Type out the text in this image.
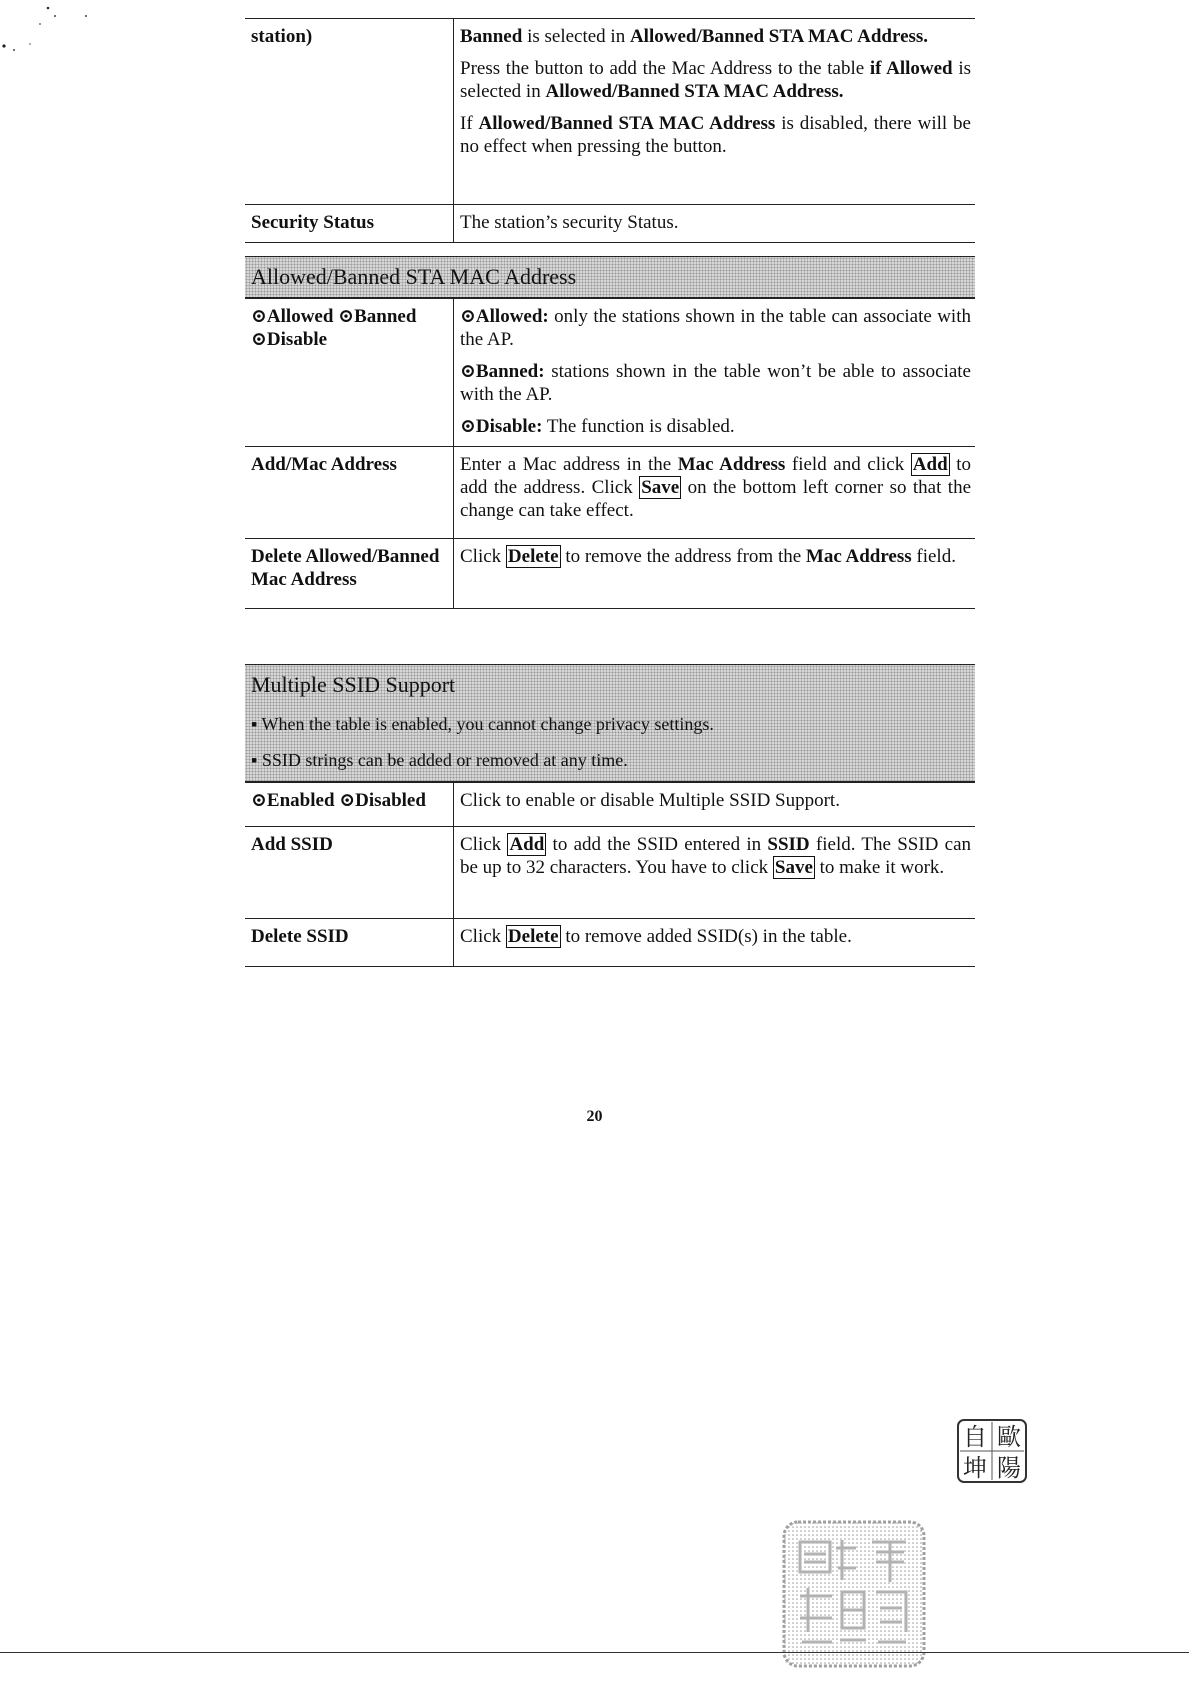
station)	Banned is selected in Allowed/Banned STA MAC Address.
Press the button to add the Mac Address to the table if Allowed is selected in Allowed/Banned STA MAC Address.
If Allowed/Banned STA MAC Address is disabled, there will be no effect when pressing the button.

Security Status	The station’s security Status.
Allowed/Banned STA MAC Address
⊙Allowed ⊙Banned ⊙Disable	⊙Allowed: only the stations shown in the table can associate with the AP.
⊙Banned: stations shown in the table won’t be able to associate with the AP.
⊙Disable: The function is disabled.

Add/Mac Address	Enter a Mac address in the Mac Address field and click Add to add the address. Click Save on the bottom left corner so that the change can take effect.

Delete Allowed/Banned Mac Address	Click Delete to remove the address from the Mac Address field.
Multiple SSID Support
▪ When the table is enabled, you cannot change privacy settings.
▪ SSID strings can be added or removed at any time.
⊙Enabled ⊙Disabled	Click to enable or disable Multiple SSID Support.

Add SSID	Click Add to add the SSID entered in SSID field. The SSID can be up to 32 characters. You have to click Save to make it work.

Delete SSID	Click Delete to remove added SSID(s) in the table.
20
自 歐
坤 陽
